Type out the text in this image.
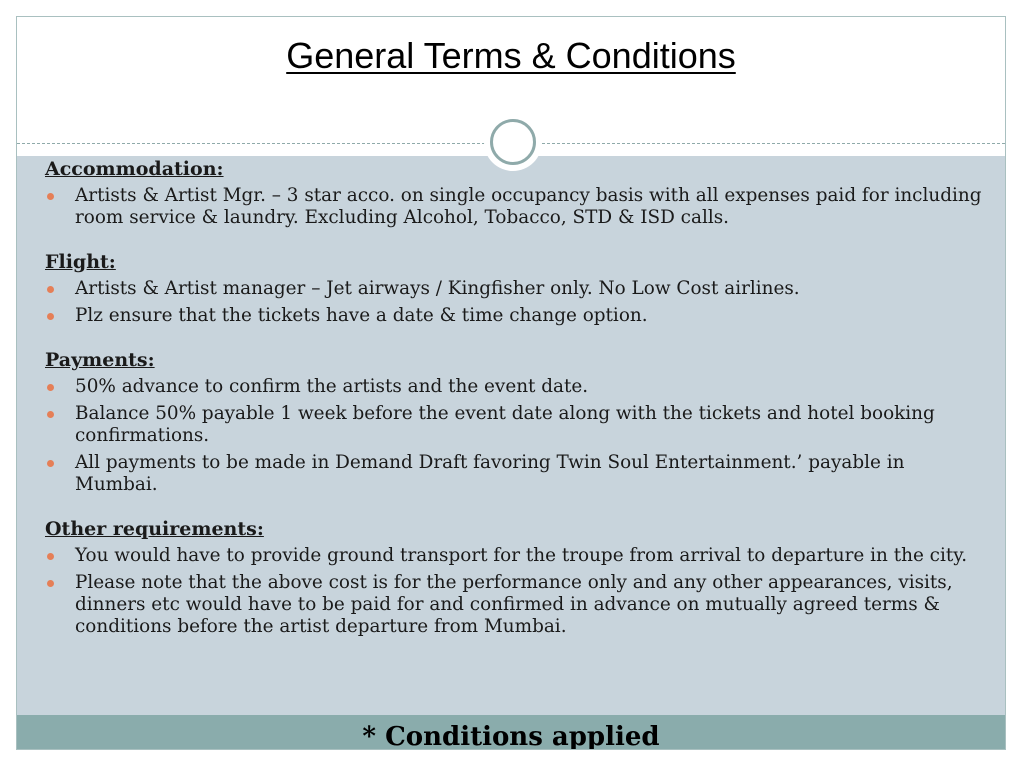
General Terms & Conditions
Accommodation:
Artists & Artist Mgr. – 3 star acco. on single occupancy basis with all expenses paid for including room service & laundry. Excluding Alcohol, Tobacco, STD & ISD calls.
Flight:
Artists & Artist manager – Jet airways / Kingfisher only. No Low Cost airlines.
Plz ensure that the tickets have a date & time change option.
Payments:
50% advance to confirm the artists and the event date.
Balance 50% payable 1 week before the event date along with the tickets and hotel booking confirmations.
All payments to be made in Demand Draft favoring Twin Soul Entertainment.’ payable in Mumbai.
Other requirements:
You would have to provide ground transport for the troupe from arrival to departure in the city.
Please note that the above cost is for the performance only and any other appearances, visits, dinners etc would have to be paid for and confirmed in advance on mutually agreed terms & conditions before the artist departure from Mumbai.
* Conditions applied
